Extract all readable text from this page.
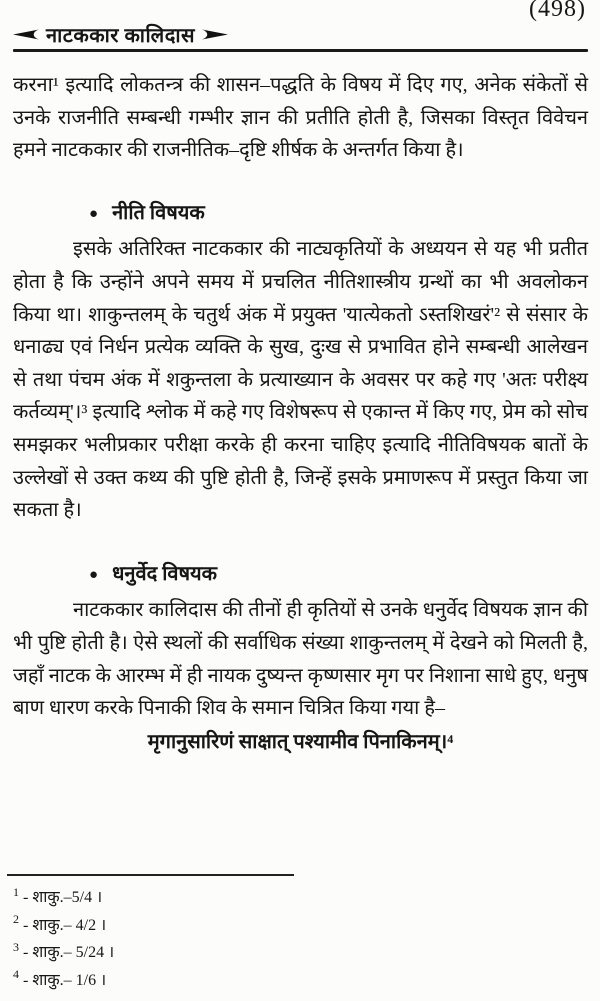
(498)
नाटककार कालिदास

करना¹ इत्यादि लोकतन्त्र की शासन–पद्धति के विषय में दिए गए, अनेक संकेतों से उनके राजनीति सम्बन्धी गम्भीर ज्ञान की प्रतीति होती है, जिसका विस्तृत विवेचन हमने नाटककार की राजनीतिक–दृष्टि शीर्षक के अन्तर्गत किया है।

● नीति विषयक

इसके अतिरिक्त नाटककार की नाट्यकृतियों के अध्ययन से यह भी प्रतीत होता है कि उन्होंने अपने समय में प्रचलित नीतिशास्त्रीय ग्रन्थों का भी अवलोकन किया था। शाकुन्तलम् के चतुर्थ अंक में प्रयुक्त 'यात्येकतो ऽस्तशिखरं'² से संसार के धनाढ्य एवं निर्धन प्रत्येक व्यक्ति के सुख, दुःख से प्रभावित होने सम्बन्धी आलेखन से तथा पंचम अंक में शकुन्तला के प्रत्याख्यान के अवसर पर कहे गए 'अतः परीक्ष्य कर्तव्यम्'।³ इत्यादि श्लोक में कहे गए विशेषरूप से एकान्त में किए गए, प्रेम को सोच समझकर भलीप्रकार परीक्षा करके ही करना चाहिए इत्यादि नीतिविषयक बातों के उल्लेखों से उक्त कथ्य की पुष्टि होती है, जिन्हें इसके प्रमाणरूप में प्रस्तुत किया जा सकता है।

● धनुर्वेद विषयक

नाटककार कालिदास की तीनों ही कृतियों से उनके धनुर्वेद विषयक ज्ञान की भी पुष्टि होती है। ऐसे स्थलों की सर्वाधिक संख्या शाकुन्तलम् में देखने को मिलती है, जहाँ नाटक के आरम्भ में ही नायक दुष्यन्त कृष्णसार मृग पर निशाना साधे हुए, धनुष बाण धारण करके पिनाकी शिव के समान चित्रित किया गया है–

मृगानुसारिणं साक्षात् पश्यामीव पिनाकिनम्।⁴

$^1$ - शाकु.–5/4 ।
$^2$ - शाकु.– 4/2 ।
$^3$ - शाकु.– 5/24 ।
$^4$ - शाकु.– 1/6 ।
